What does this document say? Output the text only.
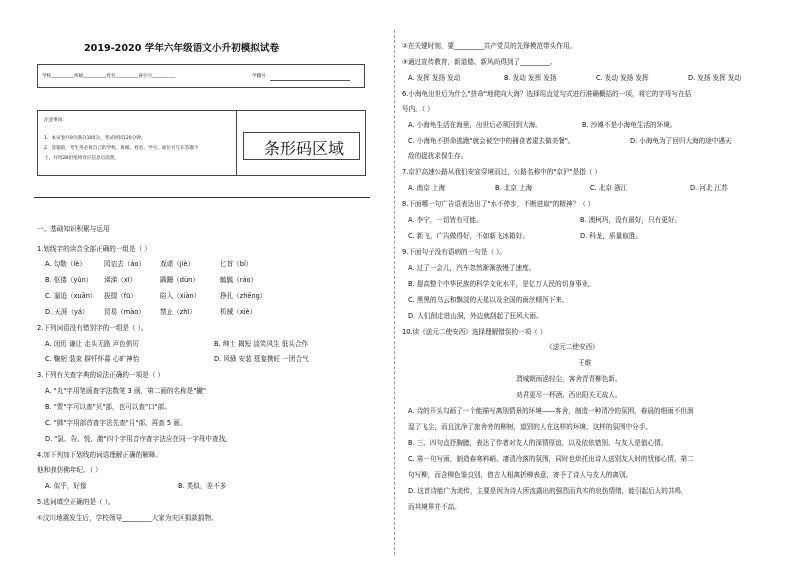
2019-2020 学年六年级语文小升初模拟试卷
学校__________班级__________姓名__________座位号__________	学籍号
注意事项：
1．本试卷共9页满分100分，考试时间120分钟。
2．答题前，考生务必将自己的学校、班级、姓名、学号、座位号写在答题卡
上，并用2B铅笔将对应信息点涂黑。
条形码区域
一、基础知识积累与运用
1.划线字的读音全部正确的一组是（ ）
A. 勾勒（lè）	园诘去（áo） 戏谑（jiè）	匕首（bǐ）
B. 伛偻（yǔn） 涕涕（xī）	蹒跚（dùn）	毓毓（ráo）
C. 逼迫（xuān） 拔掇（fū）	陷入（xiàn）	挣扎（zhēng）
D. 天涯（yá） 贸易（mào） 禁止（zhī）	机械（xiè）
2.下列词语没有错别字的一组是（ ）。
A. 闭历 谦让 走头无路 声色俱厉	B. 绅士 揭短 淡笑风生 低头合作
C. 鞠躬 装束 摒忏怀暮 心旷神怡	D. 风骚 安装 筵宴携旺 一团合气
3.下列有关查字典的说法正确的一项是（ ）
A. "丸"字用笔画查字法数笔 3 画，第二画的名称是"撇"
B. "贾"字可以查"贝"部，也可以查"口"部。
C. "肺"字用部首查字法先查"月"部，再查 5 画。
D. "氯、告、悦、激"四个字用音序查字法应在同一字母中查找。
4.加下列加下划线的词语理解正确的解释。
他和我仿佛年纪。（ ）
A. 似乎，好像	B. 类似，差不多
5.选词填空正确的是（ ）。
①汶川地震发生后，学校领导_________大家为灾区捐款捐物。
②在关键时刻，要_________共产党员的先锋模范带头作用。
③通过宣传教育，新道德、新风尚得到了_________。
A. 发挥 发扬 发动	B. 发动 发挥 发扬	C. 发动 发扬 发挥	D. 发扬 发挥 发动
6.小海龟出世后为什么"拼命"地爬向大海？选择用直觉句式进行准确概括的一项，将它的字母写在括
号内。（ ）
A. 小海龟生活在海里，出世后必须回到大海。	B. 沙滩不是小海龟生活的环境。
C. 小海龟不拼命逃跑"就会被空中的捕食者逮去做美餐"。	D. 小海龟为了回归大海的途中遇天
敌的捉扰求保生存。
7.京沪高速公路从我们安宣穿境而过，公路名称中的"京沪"是指（ ）
A. 南京 上海	B. 北京 上海	C. 北京 浙江	D. 河北 江苏
8.下面哪一句广告语表达出了"水不停步，不断进取"的精神？（ ）
A. 李宁，一切皆有可能。	B. 澳柯玛，没有最好，只有更好。
C. 新飞，广告做得好，不如新飞冰箱好。	D. 科龙，质量取胜。
9.下面句子没有语病的一句是（ ）。
A. 过了一会儿，汽车忽然渐渐放慢了速度。
B. 提高整个中华民族的科学文化水平，是亿万人民的切身事业。
C. 黑黑的乌云和飘淡的天星以及全国的雨丝倾泻下来。
D. 人们削走进山洞，外边就刮起了狂风大雨。
10.读《送元二使安西》选择理解错误的一项（ ）
《送元二使安西》
王维
渭城朝雨浥轻尘，客舍青青柳色新。
劝君更尽一杯酒，西出阳关无故人。
A. 诗的开头勾画了一个能描写离别情景的环境——客舍，制造一种清冷的氛围，春晨的细雨不但润
湿了飞尘，而且洗净了旅舍旁的柳树，道别的人在这样的环境、这样的氛围中分手。
B. 三、四句直抒胸臆，表达了作者对友人的深情厚谊，以及依依惜别、与友人是值心情。
C. 第一句写雨，制造春寒料峭、凄清冷落的氛围，同时也烘托出诗人送别友人时的忧郁心情。第二
句写柳，而含柳色鉴良别，借古人相离折柳表意，寄予了诗人与友人的离别。
D. 这首诗能广为流传，主要是因为诗人所流露出的强烈而真实的哀伤情绪，能引起后人的共鸣，
而其境界并不高。
